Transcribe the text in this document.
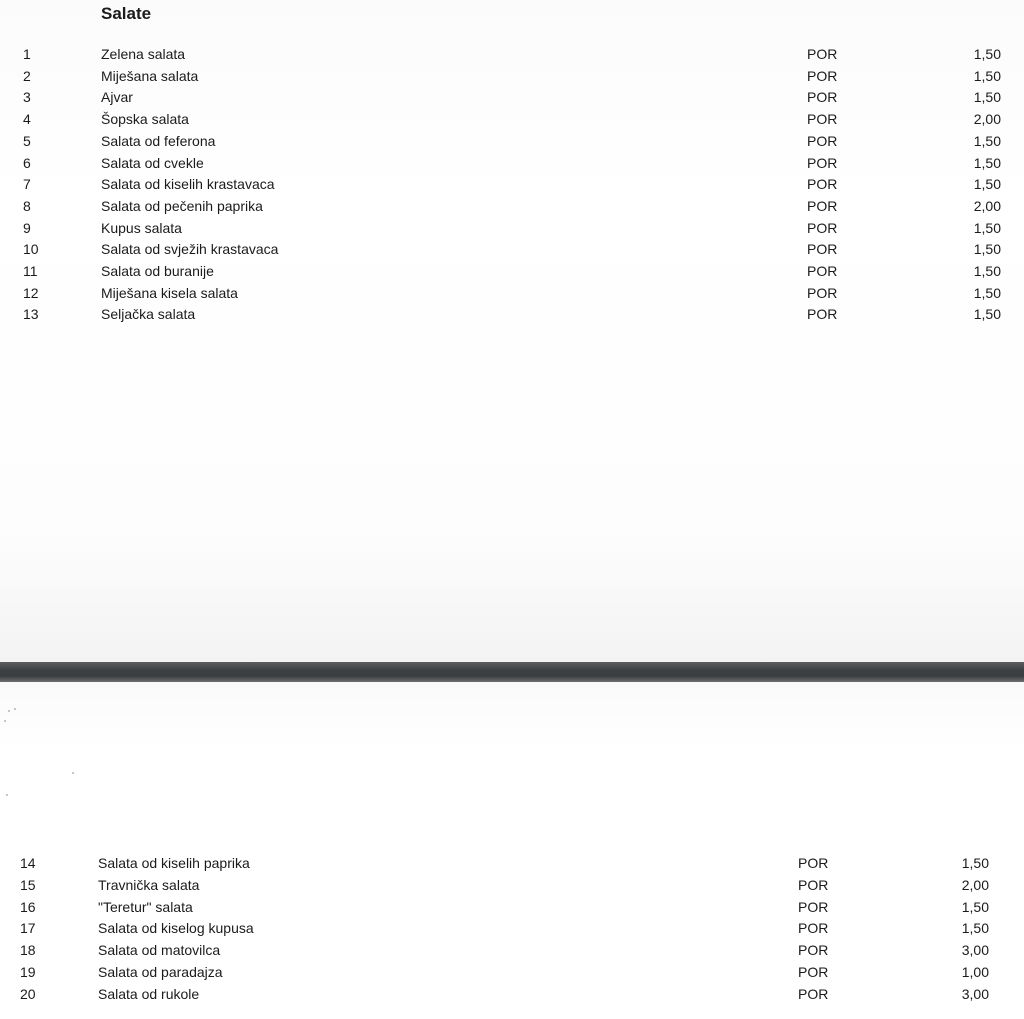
Salate
1	Zelena salata	POR	1,50
2	Miješana salata	POR	1,50
3	Ajvar	POR	1,50
4	Šopska salata	POR	2,00
5	Salata od feferona	POR	1,50
6	Salata od cvekle	POR	1,50
7	Salata od kiselih krastavaca	POR	1,50
8	Salata od pečenih paprika	POR	2,00
9	Kupus salata	POR	1,50
10	Salata od svježih krastavaca	POR	1,50
11	Salata od buranije	POR	1,50
12	Miješana kisela salata	POR	1,50
13	Seljačka salata	POR	1,50
14	Salata od kiselih paprika	POR	1,50
15	Travnička salata	POR	2,00
16	"Teretur" salata	POR	1,50
17	Salata od kiselog kupusa	POR	1,50
18	Salata od matovilca	POR	3,00
19	Salata od paradajza	POR	1,00
20	Salata od rukole	POR	3,00
